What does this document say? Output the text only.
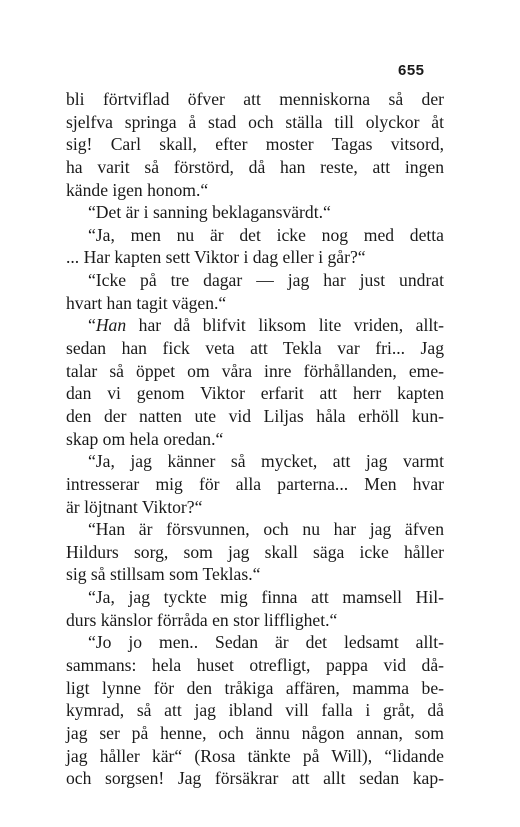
655
bli förtviflad öfver att menniskorna så der
sjelfva springa å stad och ställa till olyckor åt
sig! Carl skall, efter moster Tagas vitsord,
ha varit så förstörd, då han reste, att ingen
kände igen honom.“
“Det är i sanning beklagansvärdt.“
“Ja, men nu är det icke nog med detta
... Har kapten sett Viktor i dag eller i går?“
“Icke på tre dagar — jag har just undrat
hvart han tagit vägen.“
“Han har då blifvit liksom lite vriden, allt-
sedan han fick veta att Tekla var fri... Jag
talar så öppet om våra inre förhållanden, eme-
dan vi genom Viktor erfarit att herr kapten
den der natten ute vid Liljas håla erhöll kun-
skap om hela oredan.“
“Ja, jag känner så mycket, att jag varmt
intresserar mig för alla parterna... Men hvar
är löjtnant Viktor?“
“Han är försvunnen, och nu har jag äfven
Hildurs sorg, som jag skall säga icke håller
sig så stillsam som Teklas.“
“Ja, jag tyckte mig finna att mamsell Hil-
durs känslor förråda en stor lifflighet.“
“Jo jo men.. Sedan är det ledsamt allt-
sammans: hela huset otrefligt, pappa vid då-
ligt lynne för den tråkiga affären, mamma be-
kymrad, så att jag ibland vill falla i gråt, då
jag ser på henne, och ännu någon annan, som
jag håller kär“ (Rosa tänkte på Will), “lidande
och sorgsen! Jag försäkrar att allt sedan kap-
